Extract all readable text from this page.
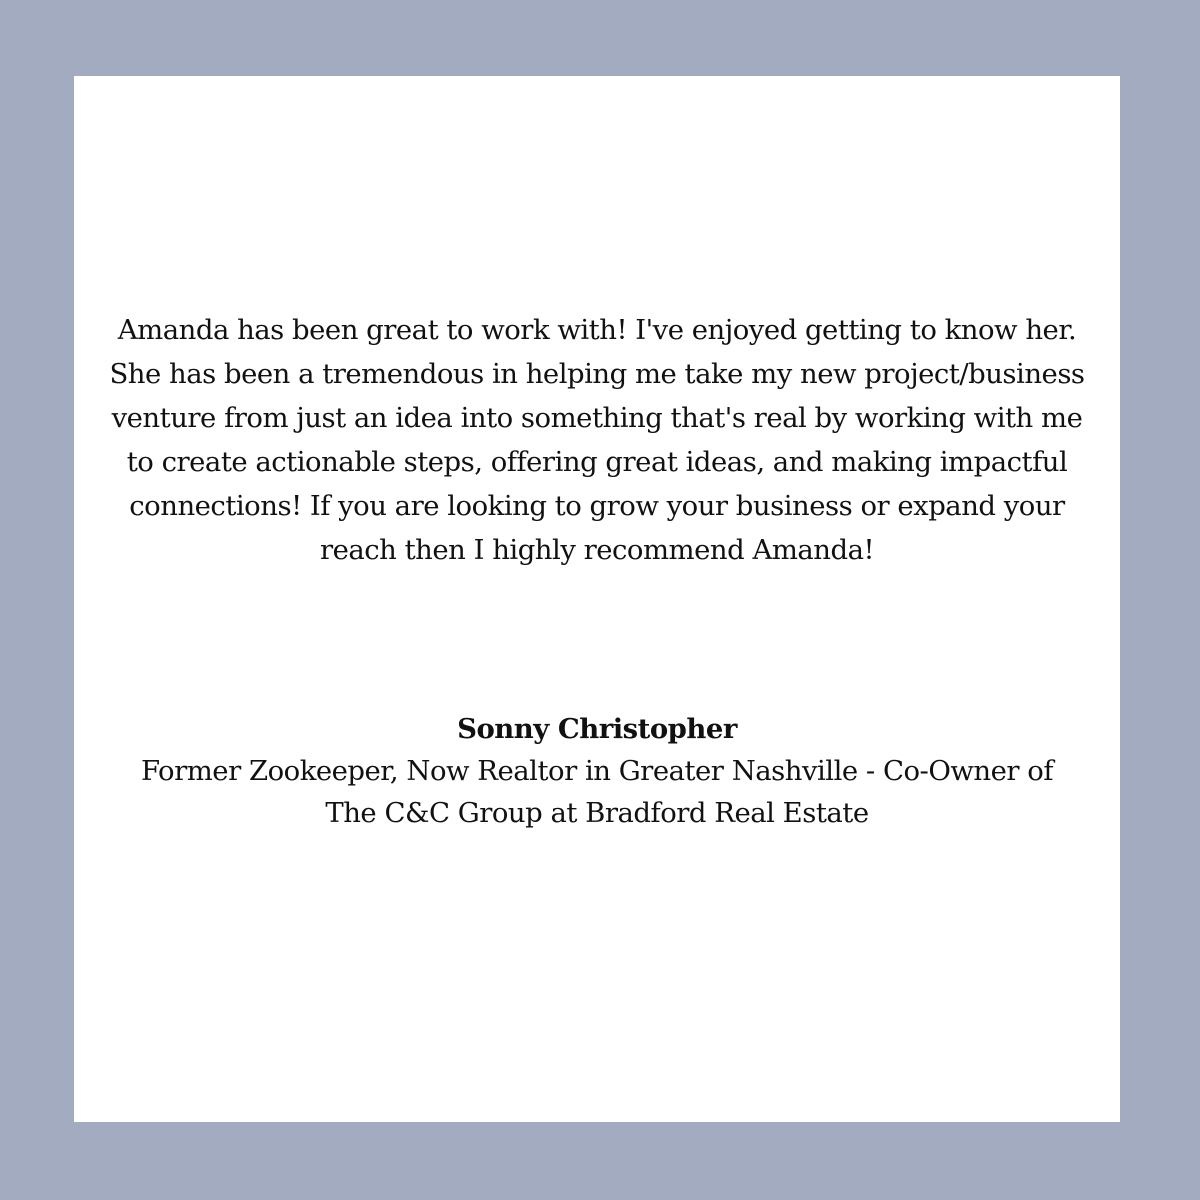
Amanda has been great to work with! I've enjoyed getting to know her. She has been a tremendous in helping me take my new project/business venture from just an idea into something that's real by working with me to create actionable steps, offering great ideas, and making impactful connections! If you are looking to grow your business or expand your reach then I highly recommend Amanda!

Sonny Christopher
Former Zookeeper, Now Realtor in Greater Nashville - Co-Owner of The C&C Group at Bradford Real Estate
